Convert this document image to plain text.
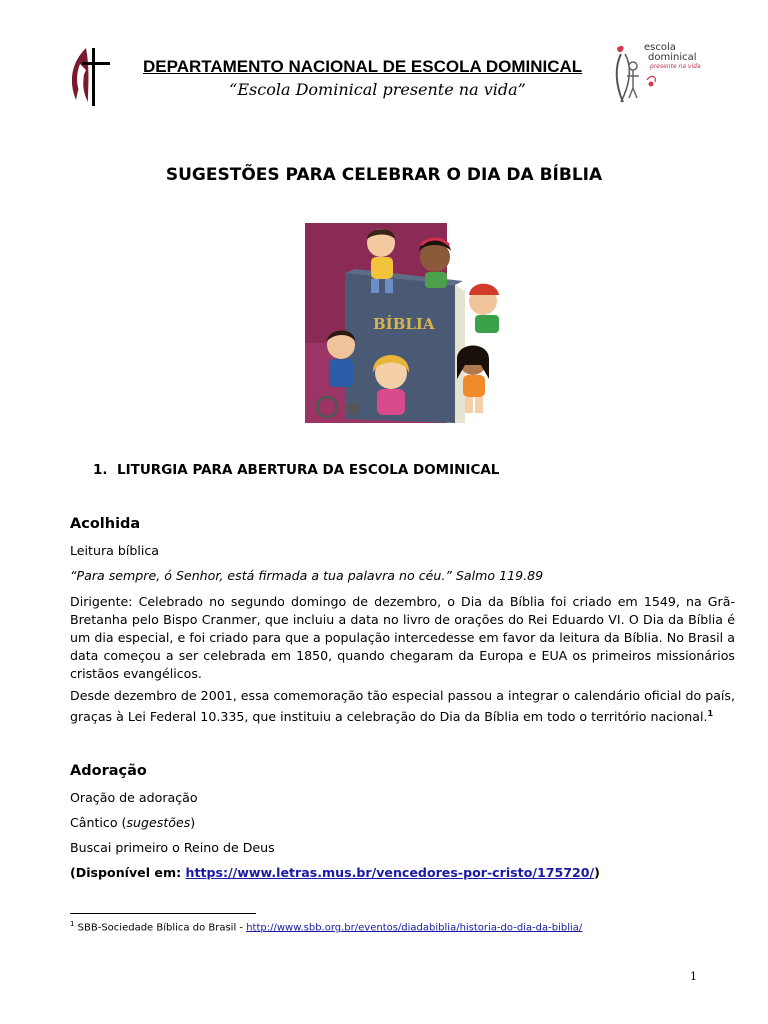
DEPARTAMENTO NACIONAL DE ESCOLA DOMINICAL
“Escola Dominical presente na vida”
escola
dominical
presente na vida
SUGESTÕES PARA CELEBRAR O DIA DA BÍBLIA
BÍBLIA
1. LITURGIA PARA ABERTURA DA ESCOLA DOMINICAL
Acolhida
Leitura bíblica
“Para sempre, ó Senhor, está firmada a tua palavra no céu.” Salmo 119.89
Dirigente: Celebrado no segundo domingo de dezembro, o Dia da Bíblia foi criado em 1549, na Grã-Bretanha pelo Bispo Cranmer, que incluiu a data no livro de orações do Rei Eduardo VI. O Dia da Bíblia é um dia especial, e foi criado para que a população intercedesse em favor da leitura da Bíblia. No Brasil a data começou a ser celebrada em 1850, quando chegaram da Europa e EUA os primeiros missionários cristãos evangélicos.
Desde dezembro de 2001, essa comemoração tão especial passou a integrar o calendário oficial do país, graças à Lei Federal 10.335, que instituiu a celebração do Dia da Bíblia em todo o território nacional.$^1$
Adoração
Oração de adoração
Cântico (sugestões)
Buscai primeiro o Reino de Deus
(Disponível em: https://www.letras.mus.br/vencedores-por-cristo/175720/)
$^1$ SBB-Sociedade Bíblica do Brasil - http://www.sbb.org.br/eventos/diadabiblia/historia-do-dia-da-biblia/
1
